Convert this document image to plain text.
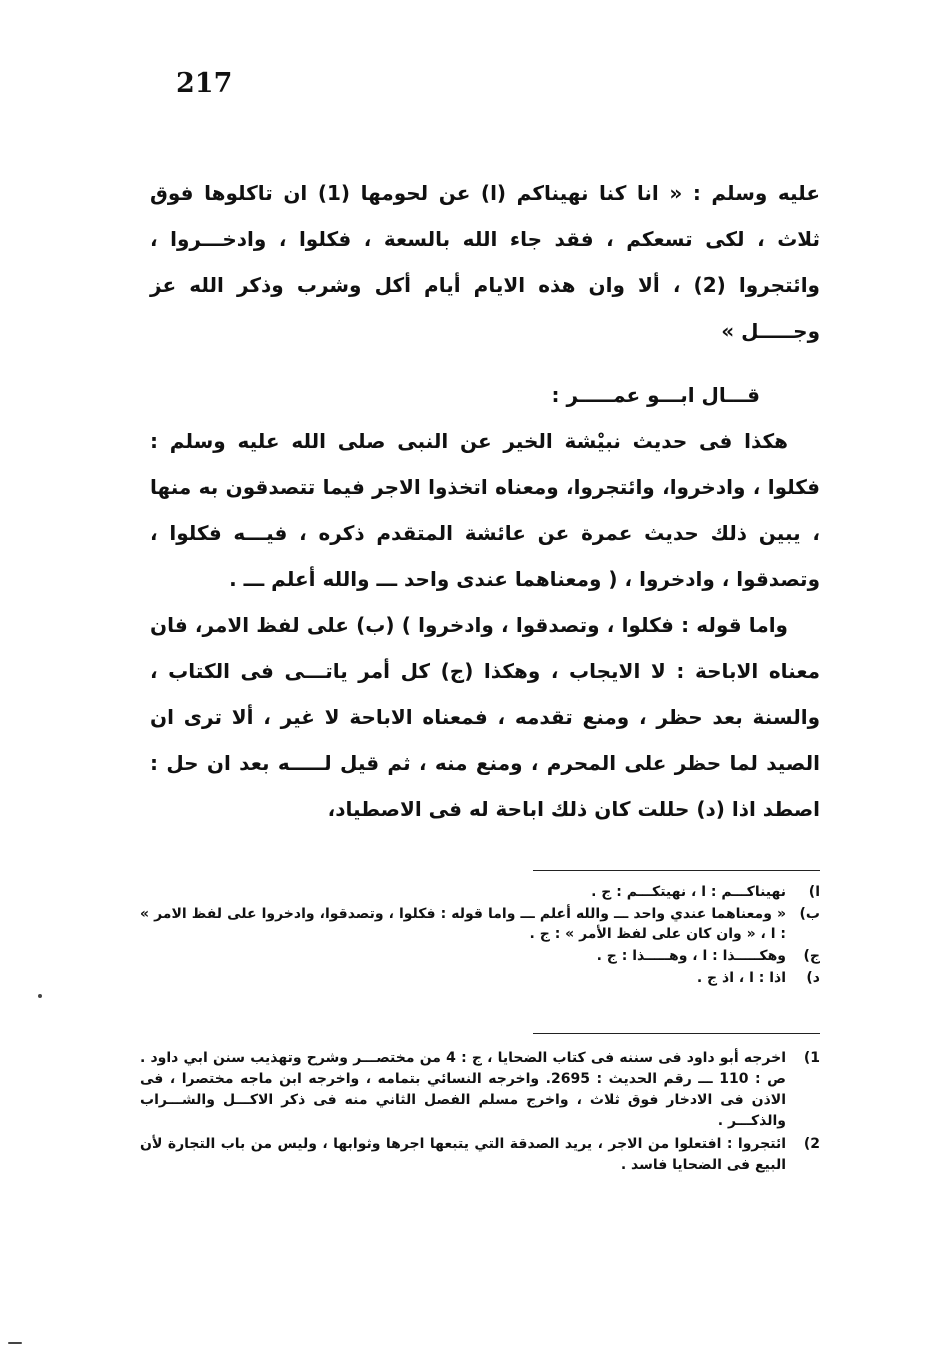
217

عليه وسلم : « انا كنا نهيناكم (ا) عن لحومها (1) ان تاكلوها فوق ثلاث ، لكى تسعكم ، فقد جاء الله بالسعة ، فكلوا ، وادخـــروا ، وائتجروا (2) ، ألا وان هذه الايام أيام أكل وشرب وذكر الله عز وجـــــل »

قـــال ابـــو عمـــــر :

هكذا فى حديث نبيْشة الخير عن النبى صلى الله عليه وسلم : فكلوا ، وادخروا، وائتجروا، ومعناه اتخذوا الاجر فيما تتصدقون به منها ، يبين ذلك حديث عمرة عن عائشة المتقدم ذكره ، فيـــه فكلوا ، وتصدقوا ، وادخروا ، ( ومعناهما عندى واحد ـــ والله أعلم ـــ .

واما قوله : فكلوا ، وتصدقوا ، وادخروا ) (ب) على لفظ الامر، فان معناه الاباحة : لا الايجاب ، وهكذا (ج) كل أمر ياتـــى فى الكتاب ، والسنة بعد حظر ، ومنع تقدمه ، فمعناه الاباحة لا غير ، ألا ترى ان الصيد لما حظر على المحرم ، ومنع منه ، ثم قيل لـــــه بعد ان حل : اصطد اذا (د) حللت كان ذلك اباحة له فى الاصطياد،

ا)
نهيناكـــم : ا ، نهيتكـــم : ج .
ب)
« ومعناهما عندي واحد ـــ والله أعلم ـــ واما قوله : فكلوا ، وتصدقوا، وادخروا على لفظ الامر » : ا ، « وان كان على لفظ الأمر » : ج .
ج)
وهكـــــذا : ا ، وهـــــذا : ج .
د)
اذا : ا ، اذ ج .
1)
اخرجه أبو داود فى سننه فى كتاب الضحايا ، ج : 4 من مختصـــر وشرح وتهذيب سنن ابي داود . ص : 110 ـــ رقم الحديث : 2695. واخرجه النسائي بتمامه ، واخرجه ابن ماجه مختصرا ، فى الاذن فى الادخار فوق ثلاث ، واخرج مسلم الفصل الثاني منه فى ذكر الاكـــل والشـــراب والذكـــر .
2)
ائتجروا : افتعلوا من الاجر ، يريد الصدقة التي يتبعها اجرها وثوابها ، وليس من باب التجارة لأن البيع فى الضحايا فاسد .
